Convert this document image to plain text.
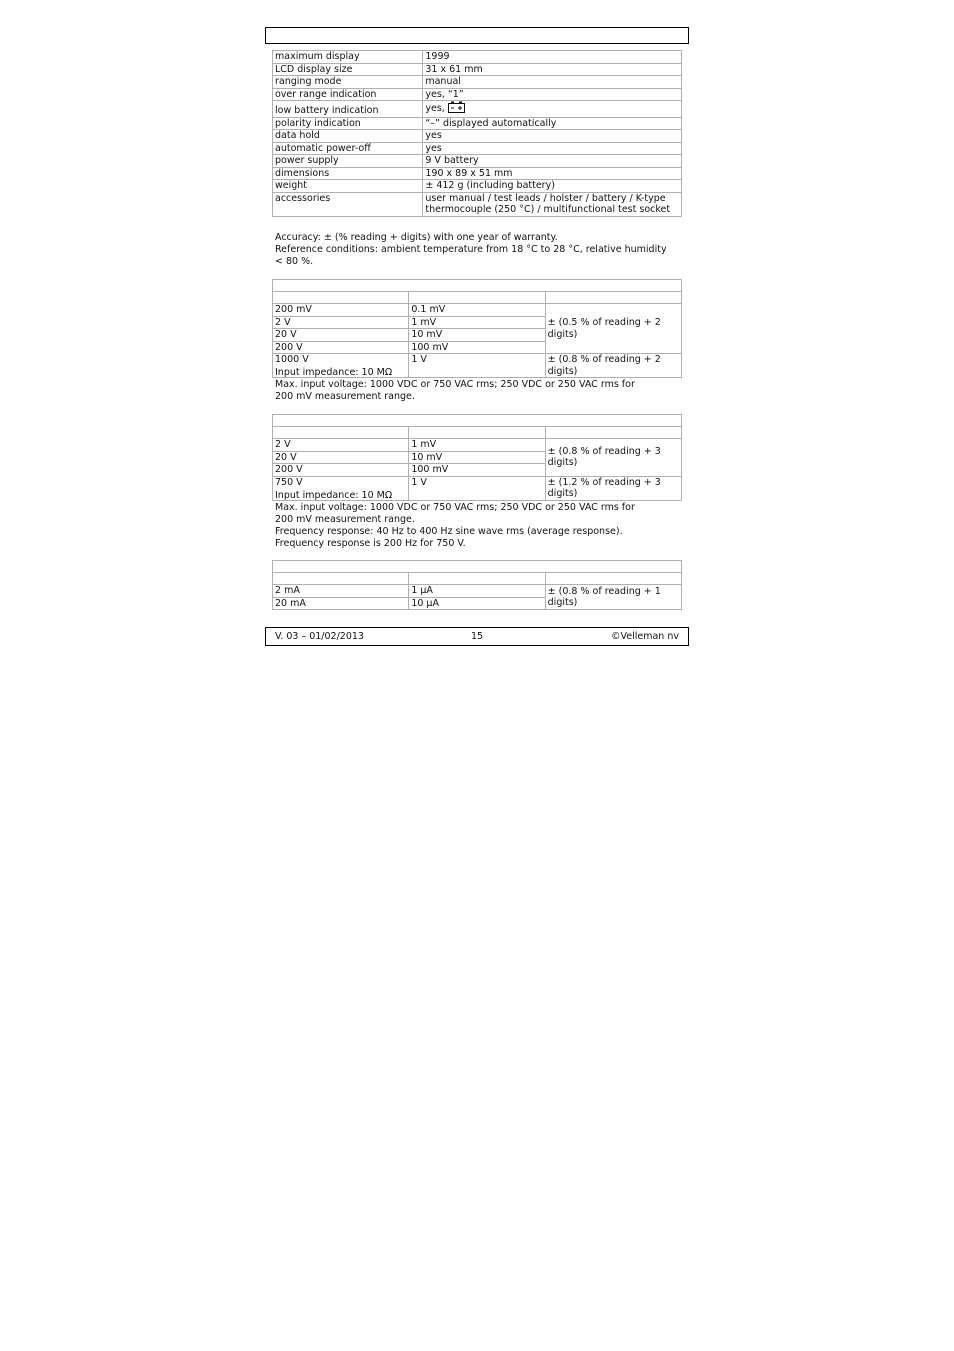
maximum display	1999
LCD display size	31 x 61 mm
ranging mode	manual
over range indication	yes, “1”
low battery indication	yes,
polarity indication	“–” displayed automatically
data hold	yes
automatic power-off	yes
power supply	9 V battery
dimensions	190 x 89 x 51 mm
weight	± 412 g (including battery)
accessories	user manual / test leads / holster / battery / K-type
thermocouple (250 °C) / multifunctional test socket

Accuracy: ± (% reading + digits) with one year of warranty.

Reference conditions: ambient temperature from 18 °C to 28 °C, relative humidity

< 80 %.

200 mV	0.1 mV	± (0.5 % of reading + 2 digits)
2 V	1 mV	
20 V	10 mV	
200 V	100 mV	
1000 V	1 V	± (0.8 % of reading + 2 digits)

Input impedance: 10 MΩ

Max. input voltage: 1000 VDC or 750 VAC rms; 250 VDC or 250 VAC rms for

200 mV measurement range.

2 V	1 mV	± (0.8 % of reading + 3 digits)
20 V	10 mV	
200 V	100 mV	
750 V	1 V	± (1.2 % of reading + 3 digits)

Input impedance: 10 MΩ

Max. input voltage: 1000 VDC or 750 VAC rms; 250 VDC or 250 VAC rms for

200 mV measurement range.

Frequency response: 40 Hz to 400 Hz sine wave rms (average response).

Frequency response is 200 Hz for 750 V.

2 mA	1 μA	± (0.8 % of reading + 1 digits)
20 mA	10 μA	
V. 03 – 01/02/2013	15	©Velleman nv
